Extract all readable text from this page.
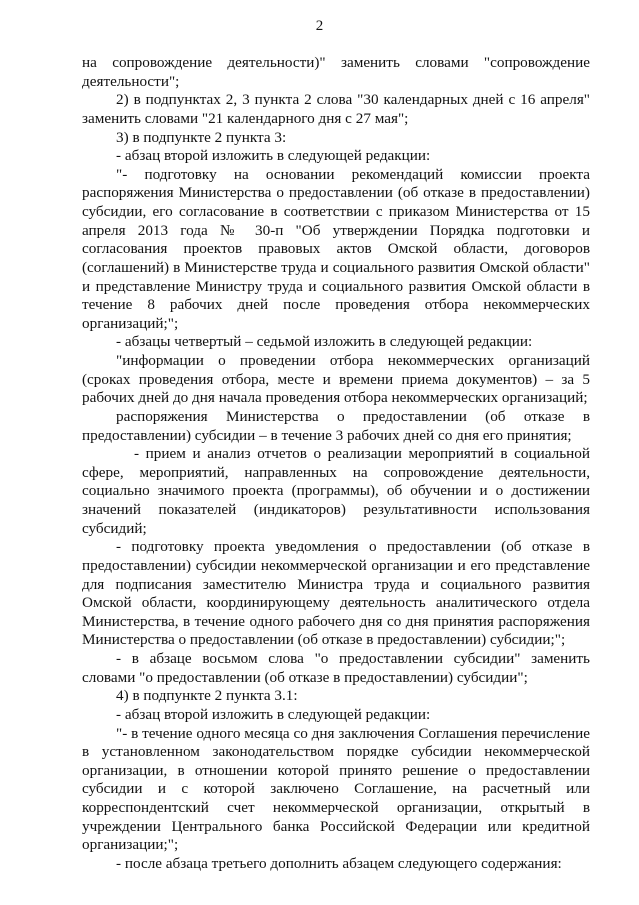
2

на сопровождение деятельности)" заменить словами "сопровождение деятельности";

2) в подпунктах 2, 3 пункта 2 слова "30 календарных дней с 16 апреля" заменить словами "21 календарного дня с 27 мая";

3) в подпункте 2 пункта 3:

- абзац второй изложить в следующей редакции:

"- подготовку на основании рекомендаций комиссии проекта распоряжения Министерства о предоставлении (об отказе в предоставлении) субсидии, его согласование в соответствии с приказом Министерства от 15 апреля 2013 года № 30-п "Об утверждении Порядка подготовки и согласования проектов правовых актов Омской области, договоров (соглашений) в Министерстве труда и социального развития Омской области" и представление Министру труда и социального развития Омской области в течение 8 рабочих дней после проведения отбора некоммерческих организаций;";

- абзацы четвертый – седьмой изложить в следующей редакции:

"информации о проведении отбора некоммерческих организаций (сроках проведения отбора, месте и времени приема документов) – за 5 рабочих дней до дня начала проведения отбора некоммерческих организаций;

распоряжения Министерства о предоставлении (об отказе в предоставлении) субсидии – в течение 3 рабочих дней со дня его принятия;

- прием и анализ отчетов о реализации мероприятий в социальной сфере, мероприятий, направленных на сопровождение деятельности, социально значимого проекта (программы), об обучении и о достижении значений показателей (индикаторов) результативности использования субсидий;

- подготовку проекта уведомления о предоставлении (об отказе в предоставлении) субсидии некоммерческой организации и его представление для подписания заместителю Министра труда и социального развития Омской области, координирующему деятельность аналитического отдела Министерства, в течение одного рабочего дня со дня принятия распоряжения Министерства о предоставлении (об отказе в предоставлении) субсидии;";

- в абзаце восьмом слова "о предоставлении субсидии" заменить словами "о предоставлении (об отказе в предоставлении) субсидии";

4) в подпункте 2 пункта 3.1:

- абзац второй изложить в следующей редакции:

"- в течение одного месяца со дня заключения Соглашения перечисление в установленном законодательством порядке субсидии некоммерческой организации, в отношении которой принято решение о предоставлении субсидии и с которой заключено Соглашение, на расчетный или корреспондентский счет некоммерческой организации, открытый в учреждении Центрального банка Российской Федерации или кредитной организации;";

- после абзаца третьего дополнить абзацем следующего содержания:
